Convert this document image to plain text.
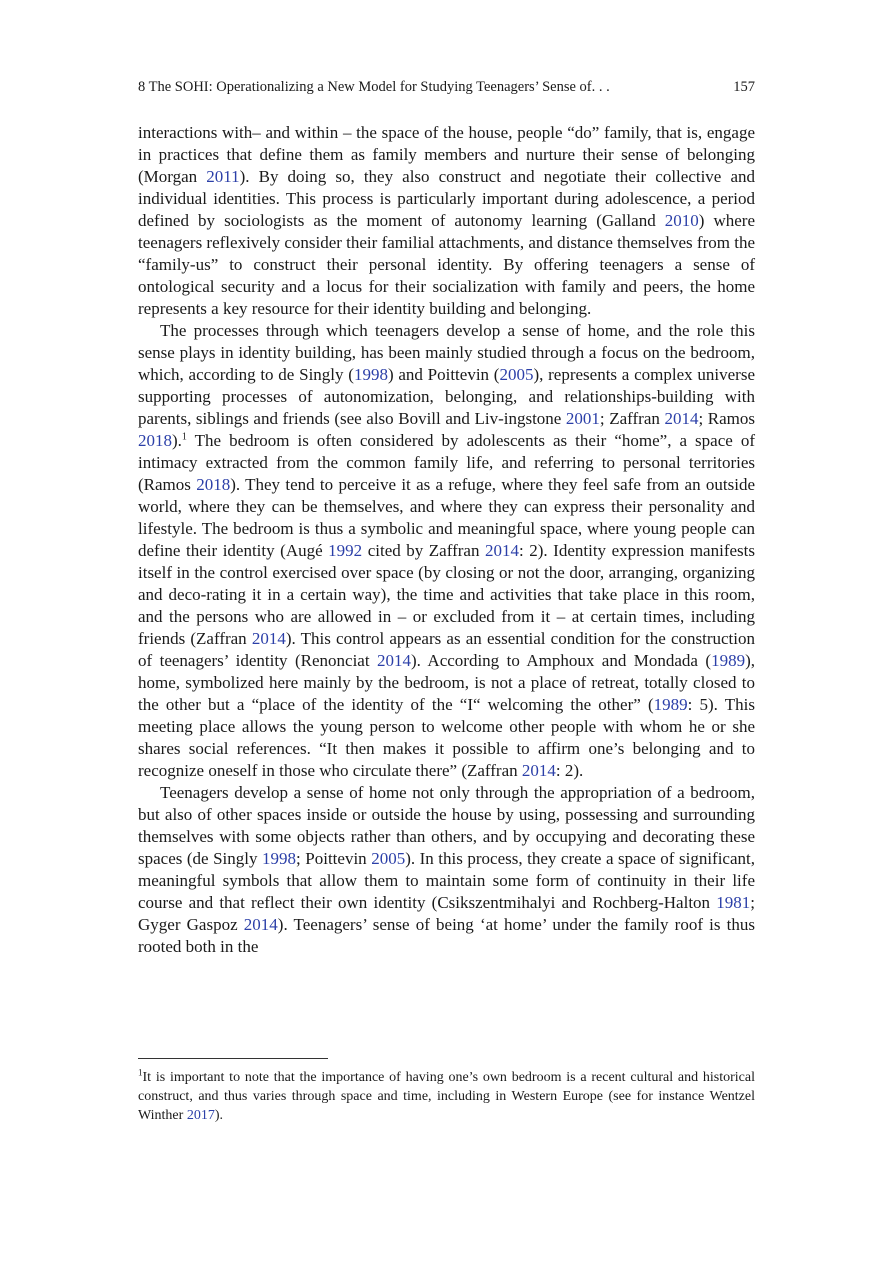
8 The SOHI: Operationalizing a New Model for Studying Teenagers’ Sense of. . .	157

interactions with– and within – the space of the house, people “do” family, that is, engage in practices that define them as family members and nurture their sense of belonging (Morgan 2011). By doing so, they also construct and negotiate their collective and individual identities. This process is particularly important during adolescence, a period defined by sociologists as the moment of autonomy learning (Galland 2010) where teenagers reflexively consider their familial attachments, and distance themselves from the “family-us” to construct their personal identity. By offering teenagers a sense of ontological security and a locus for their socialization with family and peers, the home represents a key resource for their identity building and belonging.

The processes through which teenagers develop a sense of home, and the role this sense plays in identity building, has been mainly studied through a focus on the bedroom, which, according to de Singly (1998) and Poittevin (2005), represents a complex universe supporting processes of autonomization, belonging, and relationships-building with parents, siblings and friends (see also Bovill and Liv-ingstone 2001; Zaffran 2014; Ramos 2018).$^1$ The bedroom is often considered by adolescents as their “home”, a space of intimacy extracted from the common family life, and referring to personal territories (Ramos 2018). They tend to perceive it as a refuge, where they feel safe from an outside world, where they can be themselves, and where they can express their personality and lifestyle. The bedroom is thus a symbolic and meaningful space, where young people can define their identity (Augé 1992 cited by Zaffran 2014: 2). Identity expression manifests itself in the control exercised over space (by closing or not the door, arranging, organizing and deco-rating it in a certain way), the time and activities that take place in this room, and the persons who are allowed in – or excluded from it – at certain times, including friends (Zaffran 2014). This control appears as an essential condition for the construction of teenagers’ identity (Renonciat 2014). According to Amphoux and Mondada (1989), home, symbolized here mainly by the bedroom, is not a place of retreat, totally closed to the other but a “place of the identity of the “I“ welcoming the other” (1989: 5). This meeting place allows the young person to welcome other people with whom he or she shares social references. “It then makes it possible to affirm one’s belonging and to recognize oneself in those who circulate there” (Zaffran 2014: 2).

Teenagers develop a sense of home not only through the appropriation of a bedroom, but also of other spaces inside or outside the house by using, possessing and surrounding themselves with some objects rather than others, and by occupying and decorating these spaces (de Singly 1998; Poittevin 2005). In this process, they create a space of significant, meaningful symbols that allow them to maintain some form of continuity in their life course and that reflect their own identity (Csikszentmihalyi and Rochberg-Halton 1981; Gyger Gaspoz 2014). Teenagers’ sense of being ‘at home’ under the family roof is thus rooted both in the

$^1$It is important to note that the importance of having one’s own bedroom is a recent cultural and historical construct, and thus varies through space and time, including in Western Europe (see for instance Wentzel Winther 2017).
